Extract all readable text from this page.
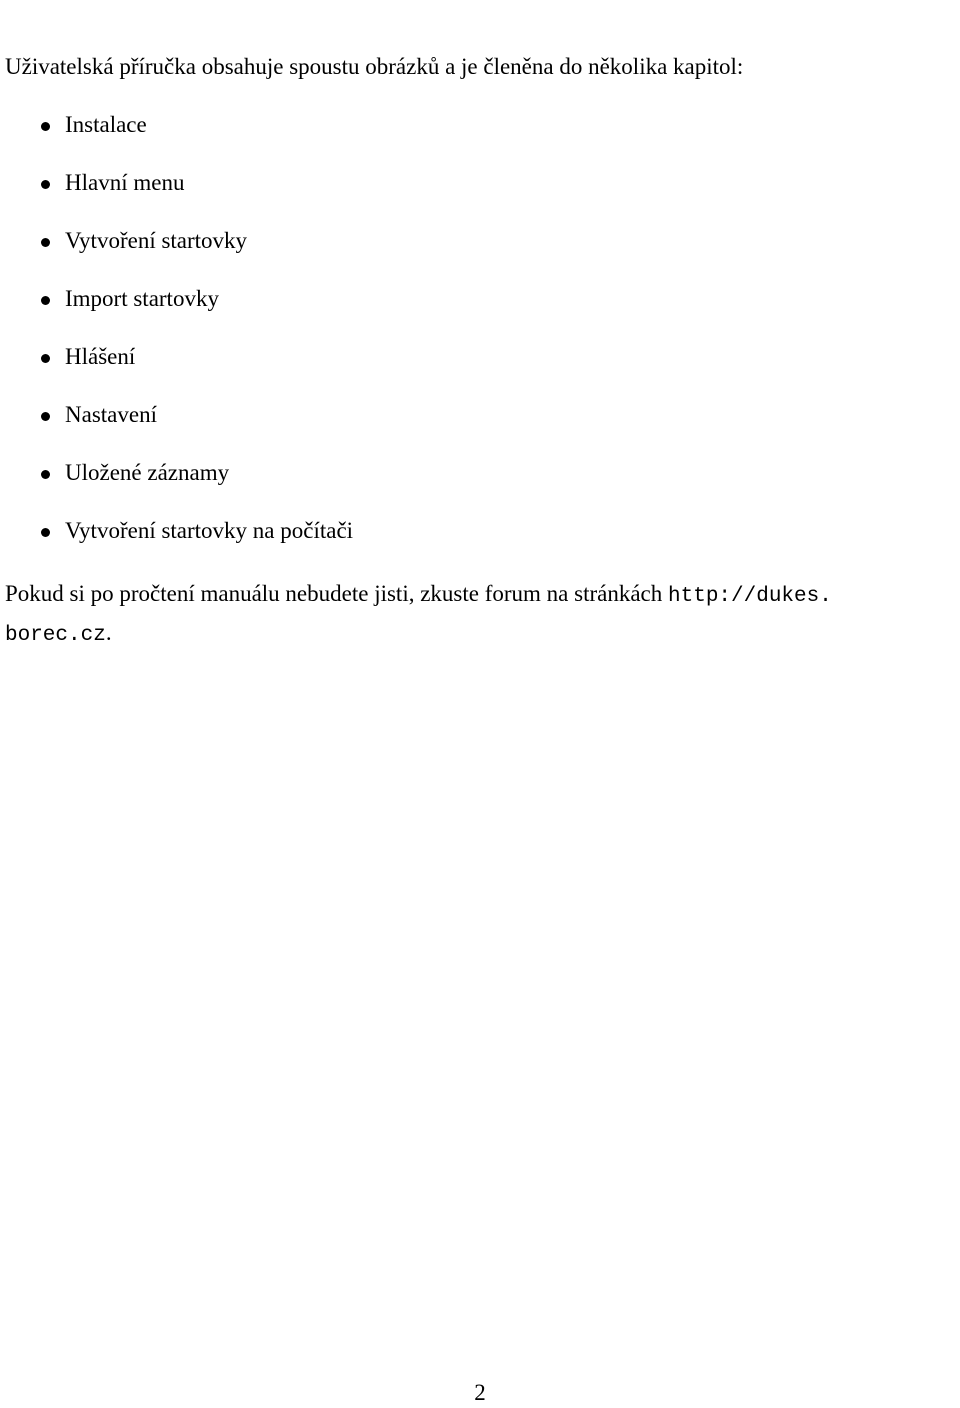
Uživatelská příručka obsahuje spoustu obrázků a je členěna do několika kapitol:

Instalace
Hlavní menu
Vytvoření startovky
Import startovky
Hlášení
Nastavení
Uložené záznamy
Vytvoření startovky na počítači

Pokud si po pročtení manuálu nebudete jisti, zkuste forum na stránkách http://dukes.
borec.cz.

2
